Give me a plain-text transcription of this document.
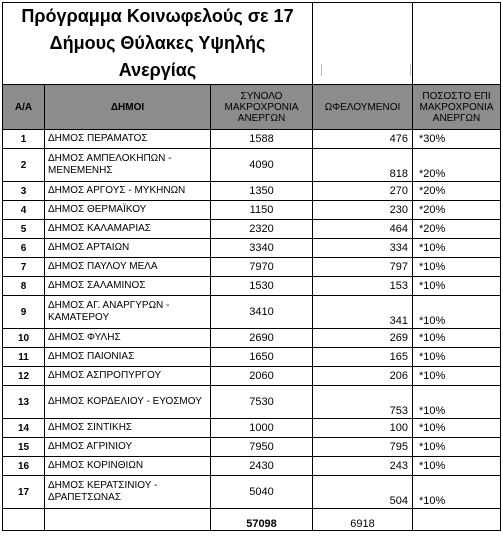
Πρόγραμμα Κοινωφελούς σε 17
Δήμους Θύλακες Υψηλής
Ανεργίας				

Α/Α	ΔΗΜΟΙ	ΣΥΝΟΛΟ ΜΑΚΡΟΧΡΟΝΙΑ ΑΝΕΡΓΩΝ	ΩΦΕΛΟΥΜΕΝΟΙ	ΠΟΣΟΣΤΟ ΕΠΙ ΜΑΚΡΟΧΡΟΝΙΑ ΑΝΕΡΓΩΝ
1	ΔΗΜΟΣ ΠΕΡΑΜΑΤΟΣ	1588	476	*30%
2	ΔΗΜΟΣ ΑΜΠΕΛΟΚΗΠΩΝ - ΜΕΝΕΜΕΝΗΣ	4090	818	*20%
3	ΔΗΜΟΣ ΑΡΓΟΥΣ - ΜΥΚΗΝΩΝ	1350	270	*20%
4	ΔΗΜΟΣ ΘΕΡΜΑΪΚΟΥ	1150	230	*20%
5	ΔΗΜΟΣ ΚΑΛΑΜΑΡΙΑΣ	2320	464	*20%
6	ΔΗΜΟΣ ΑΡΤΑΙΩΝ	3340	334	*10%
7	ΔΗΜΟΣ ΠΑΥΛΟΥ ΜΕΛΑ	7970	797	*10%
8	ΔΗΜΟΣ ΣΑΛΑΜΙΝΟΣ	1530	153	*10%
9	ΔΗΜΟΣ ΑΓ. ΑΝΑΡΓΥΡΩΝ - ΚΑΜΑΤΕΡΟΥ	3410	341	*10%
10	ΔΗΜΟΣ ΦΥΛΗΣ	2690	269	*10%
11	ΔΗΜΟΣ ΠΑΙΟΝΙΑΣ	1650	165	*10%
12	ΔΗΜΟΣ ΑΣΠΡΟΠΥΡΓΟΥ	2060	206	*10%
13	ΔΗΜΟΣ ΚΟΡΔΕΛΙΟΥ - ΕΥΟΣΜΟΥ	7530	753	*10%
14	ΔΗΜΟΣ ΣΙΝΤΙΚΗΣ	1000	100	*10%
15	ΔΗΜΟΣ ΑΓΡΙΝΙΟΥ	7950	795	*10%
16	ΔΗΜΟΣ ΚΟΡΙΝΘΙΩΝ	2430	243	*10%
17	ΔΗΜΟΣ ΚΕΡΑΤΣΙΝΙΟΥ - ΔΡΑΠΕΤΣΩΝΑΣ	5040	504	*10%
		57098	6918	
